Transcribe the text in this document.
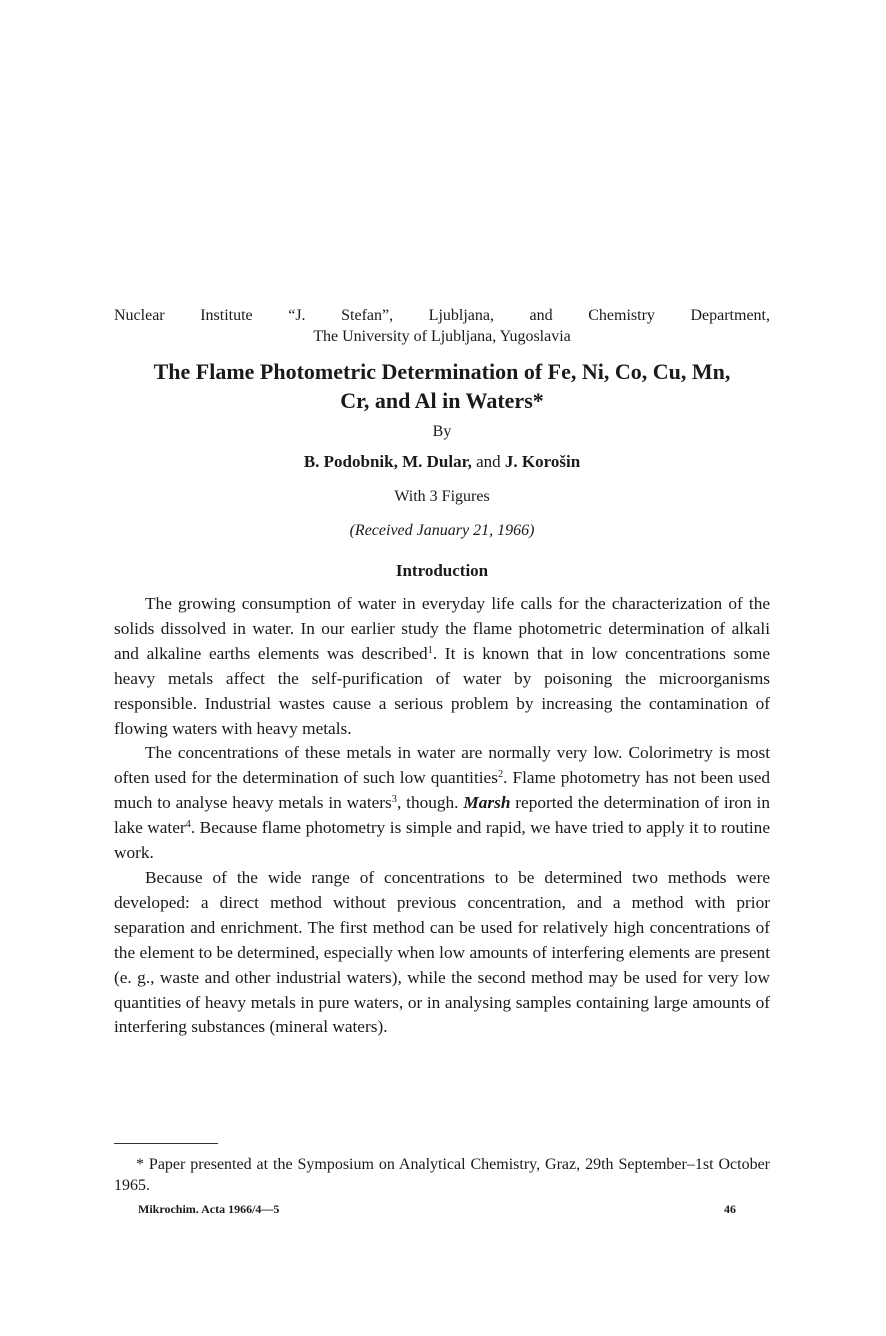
Nuclear Institute “J. Stefan”, Ljubljana, and Chemistry Department,
The University of Ljubljana, Yugoslavia
The Flame Photometric Determination of Fe, Ni, Co, Cu, Mn,
Cr, and Al in Waters*
By
B. Podobnik, M. Dular, and J. Korošin
With 3 Figures
(Received January 21, 1966)
Introduction

The growing consumption of water in everyday life calls for the characterization of the solids dissolved in water. In our earlier study the flame photometric determination of alkali and alkaline earths elements was described$^1$. It is known that in low concentrations some heavy metals affect the self-purification of water by poisoning the microorganisms responsible. Industrial wastes cause a serious problem by increasing the contamination of flowing waters with heavy metals.

The concentrations of these metals in water are normally very low. Colorimetry is most often used for the determination of such low quantities$^2$. Flame photometry has not been used much to analyse heavy metals in waters$^3$, though. Marsh reported the determination of iron in lake water$^4$. Because flame photometry is simple and rapid, we have tried to apply it to routine work.

Because of the wide range of concentrations to be determined two methods were developed: a direct method without previous concentration, and a method with prior separation and enrichment. The first method can be used for relatively high concentrations of the element to be determined, especially when low amounts of interfering elements are present (e. g., waste and other industrial waters), while the second method may be used for very low quantities of heavy metals in pure waters, or in analysing samples containing large amounts of interfering substances (mineral waters).

* Paper presented at the Symposium on Analytical Chemistry, Graz, 29th September–1st October 1965.
Mikrochim. Acta 1966/4—5	46
